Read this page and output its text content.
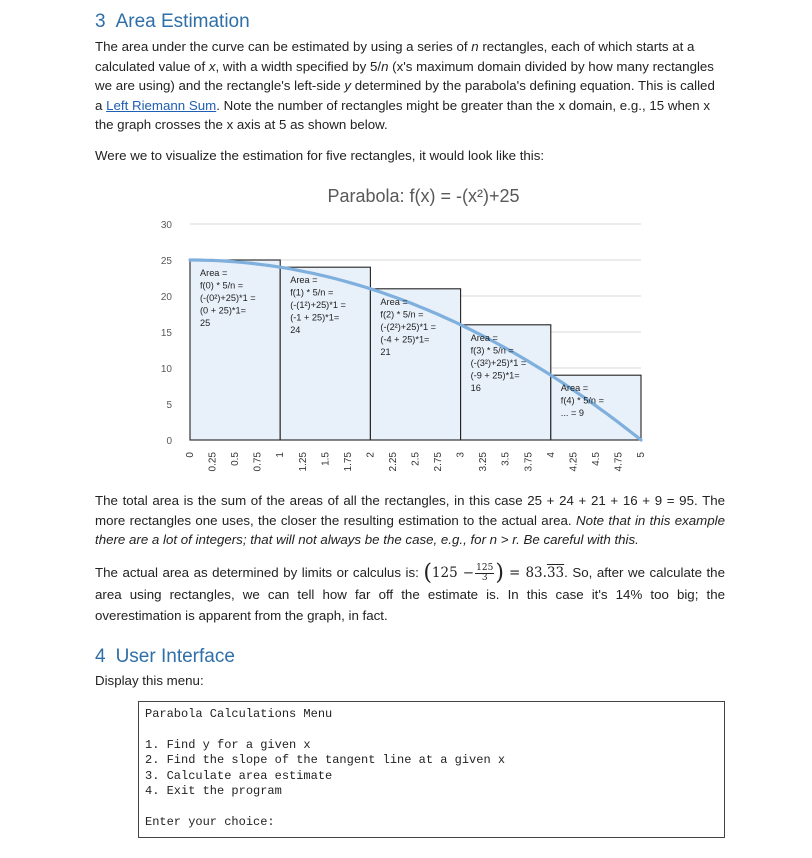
3 Area Estimation

The area under the curve can be estimated by using a series of n rectangles, each of which starts at a calculated value of x, with a width specified by 5/n (x's maximum domain divided by how many rectangles we are using) and the rectangle's left-side y determined by the parabola's defining equation. This is called a Left Riemann Sum. Note the number of rectangles might be greater than the x domain, e.g., 15 when x the graph crosses the x axis at 5 as shown below.

Were we to visualize the estimation for five rectangles, it would look like this:

Parabola: f(x) = -(x²)+25
0
5
10
15
20
25
30
Area =
f(0) * 5/n =
(-(0²)+25)*1 =
(0 + 25)*1=
25
Area =
f(1) * 5/n =
(-(1²)+25)*1 =
(-1 + 25)*1=
24
Area =
f(2) * 5/n =
(-(2²)+25)*1 =
(-4 + 25)*1=
21
Area =
f(3) * 5/n =
(-(3²)+25)*1 =
(-9 + 25)*1=
16	Area =
f(4) * 5/n =
... = 9
0 0.25 0.5 0.75 1 1.25 1.5 1.75 2 2.25 2.5 2.75 3 3.25 3.5 3.75 4 4.25 4.5 4.75 5

The total area is the sum of the areas of all the rectangles, in this case 25 + 24 + 21 + 16 + 9 = 95. The more rectangles one uses, the closer the resulting estimation to the actual area. Note that in this example there are a lot of integers; that will not always be the case, e.g., for n > r. Be careful with this.

The actual area as determined by limits or calculus is: ($125 - \frac{125}{3}$ ) = 83.33. So, after we calculate the area using rectangles, we can tell how far off the estimate is. In this case it's 14% too big; the overestimation is apparent from the graph, in fact.

4 User Interface

Display this menu:

Parabola Calculations Menu
1. Find y for a given x
2. Find the slope of the tangent line at a given x
3. Calculate area estimate
4. Exit the program
Enter your choice:
